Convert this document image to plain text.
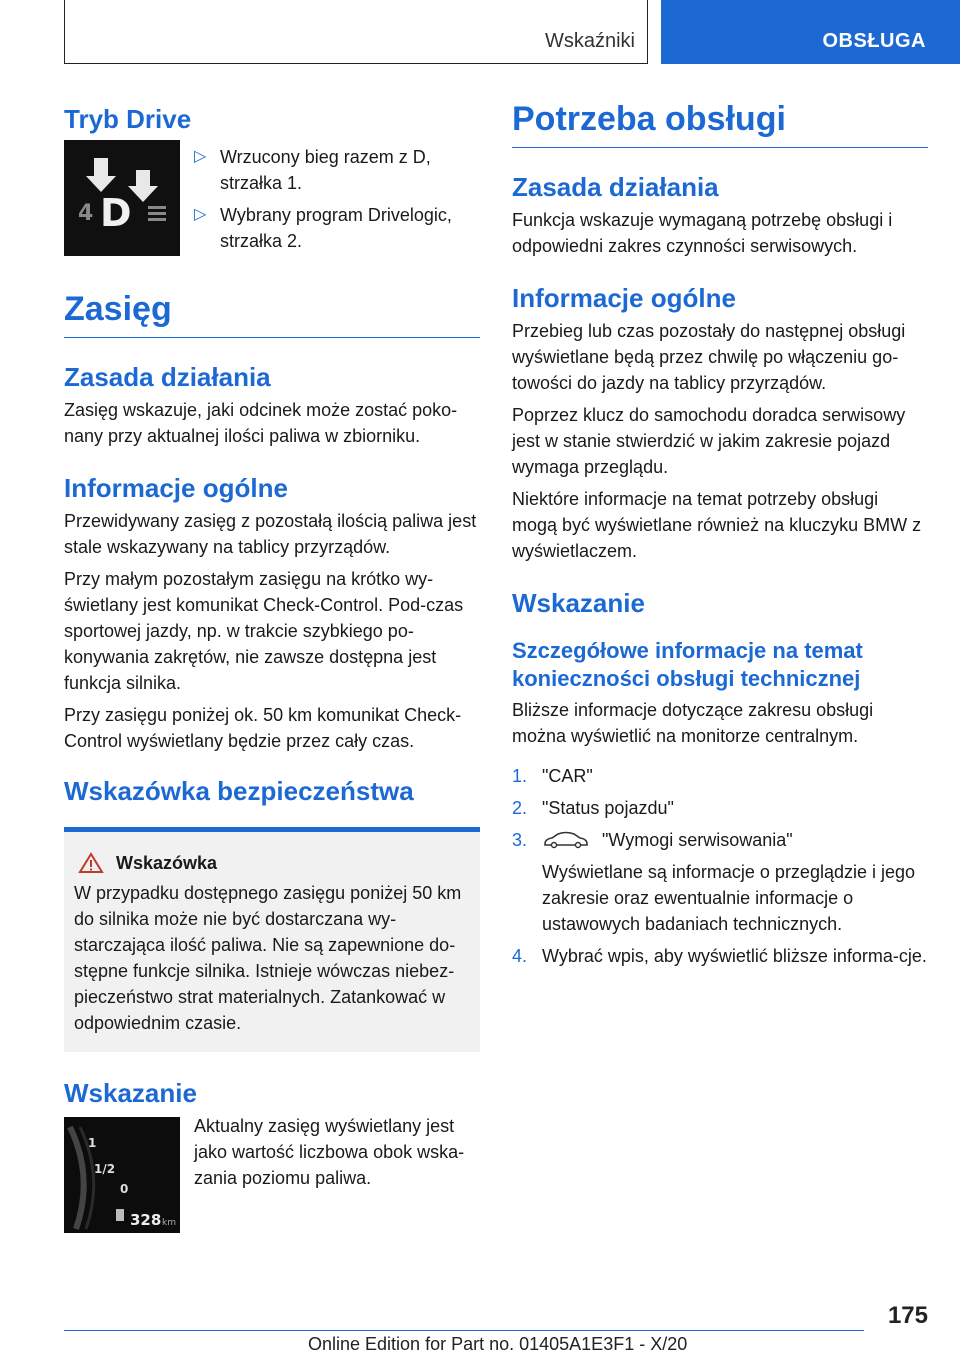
Wskaźniki	OBSŁUGA
Tryb Drive
1
2
4 D
▷ Wrzucony bieg razem z D, strzałka 1.
▷ Wybrany program Drivelogic, strzałka 2.
Zasięg
Zasada działania

Zasięg wskazuje, jaki odcinek może zostać poko-nany przy aktualnej ilości paliwa w zbiorniku.

Informacje ogólne

Przewidywany zasięg z pozostałą ilością paliwa jest stale wskazywany na tablicy przyrządów.

Przy małym pozostałym zasięgu na krótko wy-świetlany jest komunikat Check-Control. Pod-czas sportowej jazdy, np. w trakcie szybkiego po-konywania zakrętów, nie zawsze dostępna jest funkcja silnika.

Przy zasięgu poniżej ok. 50 km komunikat Check-Control wyświetlany będzie przez cały czas.

Wskazówka bezpieczeństwa
Wskazówka

W przypadku dostępnego zasięgu poniżej 50 km do silnika może nie być dostarczana wy-starczająca ilość paliwa. Nie są zapewnione do-stępne funkcje silnika. Istnieje wówczas niebez-pieczeństwo strat materialnych. Zatankować w odpowiednim czasie.

Wskazanie
1
1/2
0
328 km

Aktualny zasięg wyświetlany jest jako wartość liczbowa obok wska-zania poziomu paliwa.

Potrzeba obsługi
Zasada działania

Funkcja wskazuje wymaganą potrzebę obsługi i odpowiedni zakres czynności serwisowych.

Informacje ogólne

Przebieg lub czas pozostały do następnej obsługi wyświetlane będą przez chwilę po włączeniu go-towości do jazdy na tablicy przyrządów.

Poprzez klucz do samochodu doradca serwisowy jest w stanie stwierdzić w jakim zakresie pojazd wymaga przeglądu.

Niektóre informacje na temat potrzeby obsługi mogą być wyświetlane również na kluczyku BMW z wyświetlaczem.

Wskazanie
Szczegółowe informacje na temat konieczności obsługi technicznej

Bliższe informacje dotyczące zakresu obsługi można wyświetlić na monitorze centralnym.

1. "CAR"
2. "Status pojazdu"
3.	"Wymogi serwisowania"
Wyświetlane są informacje o przeglądzie i jego zakresie oraz ewentualnie informacje o ustawowych badaniach technicznych.
4. Wybrać wpis, aby wyświetlić bliższe informa-cje.
175
Online Edition for Part no. 01405A1E3F1 - X/20
